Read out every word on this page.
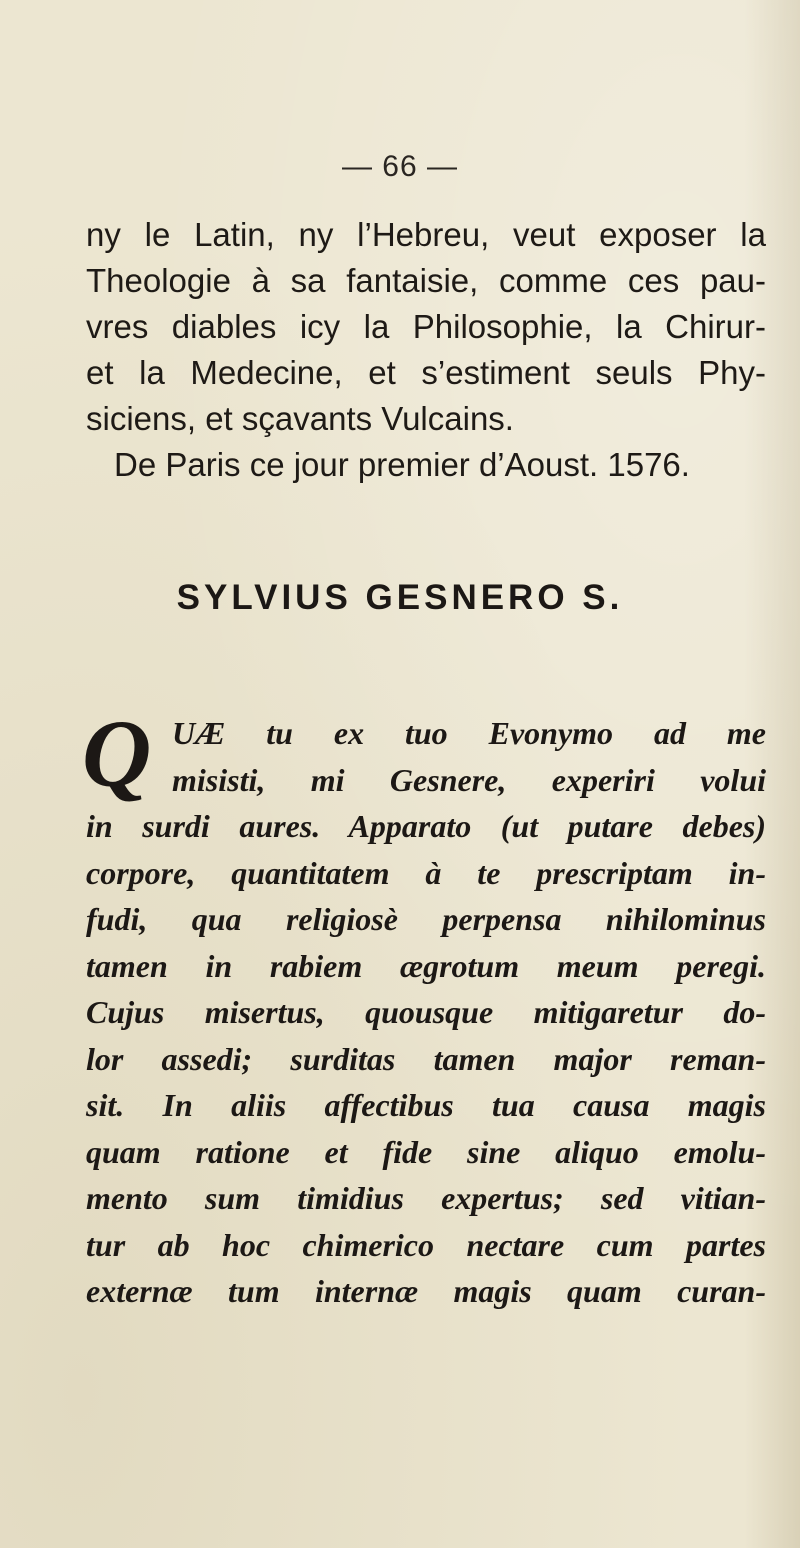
— 66 —
ny le Latin, ny l’Hebreu, veut exposer la
Theologie à sa fantaisie, comme ces pau-
vres diables icy la Philosophie, la Chirur-
et la Medecine, et s’estiment seuls Phy-
siciens, et sçavants Vulcains.
De Paris ce jour premier d’Aoust. 1576.
SYLVIUS GESNERO S.
Q UÆ tu ex tuo Evonymo ad me
misisti, mi Gesnere, experiri volui
in surdi aures. Apparato (ut putare debes)
corpore, quantitatem à te prescriptam in-
fudi, qua religiosè perpensa nihilominus
tamen in rabiem ægrotum meum peregi.
Cujus misertus, quousque mitigaretur do-
lor assedi; surditas tamen major reman-
sit. In aliis affectibus tua causa magis
quam ratione et fide sine aliquo emolu-
mento sum timidius expertus; sed vitian-
tur ab hoc chimerico nectare cum partes
externæ tum internæ magis quam curan-
